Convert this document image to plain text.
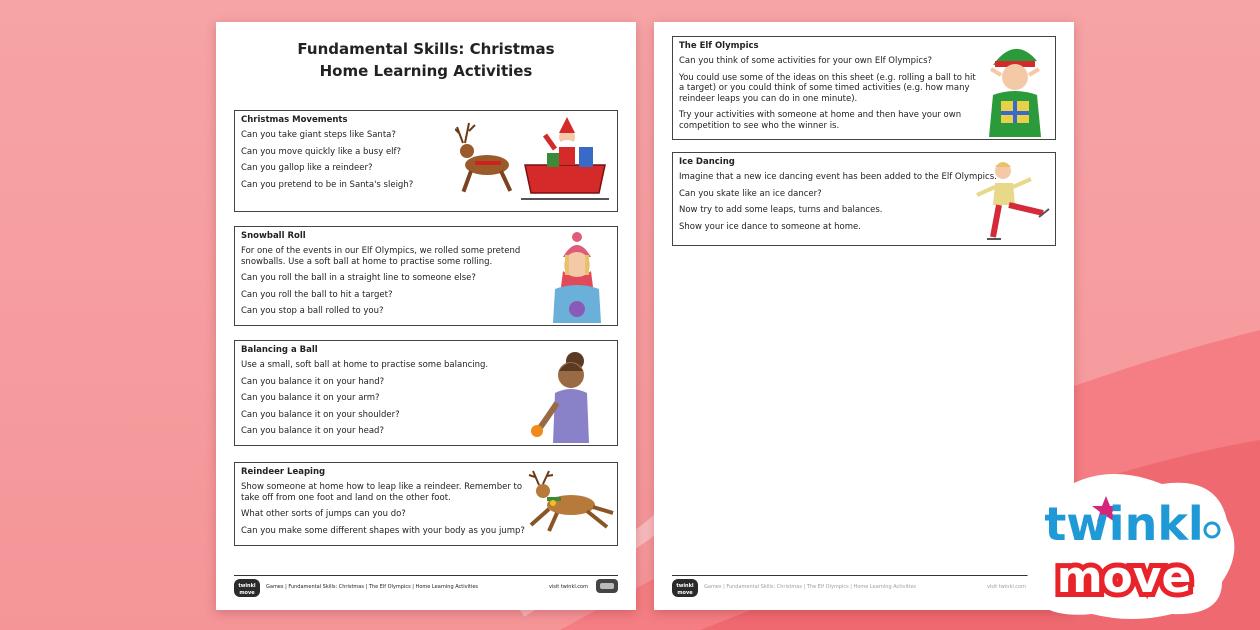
Fundamental Skills: Christmas
Home Learning Activities
Christmas Movements

Can you take giant steps like Santa?

Can you move quickly like a busy elf?

Can you gallop like a reindeer?

Can you pretend to be in Santa's sleigh?

Snowball Roll

For one of the events in our Elf Olympics, we rolled some pretend snowballs. Use a soft ball at home to practise some rolling.

Can you roll the ball in a straight line to someone else?

Can you roll the ball to hit a target?

Can you stop a ball rolled to you?

Balancing a Ball

Use a small, soft ball at home to practise some balancing.

Can you balance it on your hand?

Can you balance it on your arm?

Can you balance it on your shoulder?

Can you balance it on your head?

Reindeer Leaping

Show someone at home how to leap like a reindeer. Remember to take off from one foot and land on the other foot.

What other sorts of jumps can you do?

Can you make some different shapes with your body as you jump?

twinkl
move
Games | Fundamental Skills: Christmas | The Elf Olympics | Home Learning Activities	visit twinkl.com
The Elf Olympics

Can you think of some activities for your own Elf Olympics?

You could use some of the ideas on this sheet (e.g. rolling a ball to hit a target) or you could think of some timed activities (e.g. how many reindeer leaps you can do in one minute).

Try your activities with someone at home and then have your own competition to see who the winner is.

Ice Dancing

Imagine that a new ice dancing event has been added to the Elf Olympics.

Can you skate like an ice dancer?

Now try to add some leaps, turns and balances.

Show your ice dance to someone at home.

twinkl
move
Games | Fundamental Skills: Christmas | The Elf Olympics | Home Learning Activities	visit twinkl.com
twinkl
move
